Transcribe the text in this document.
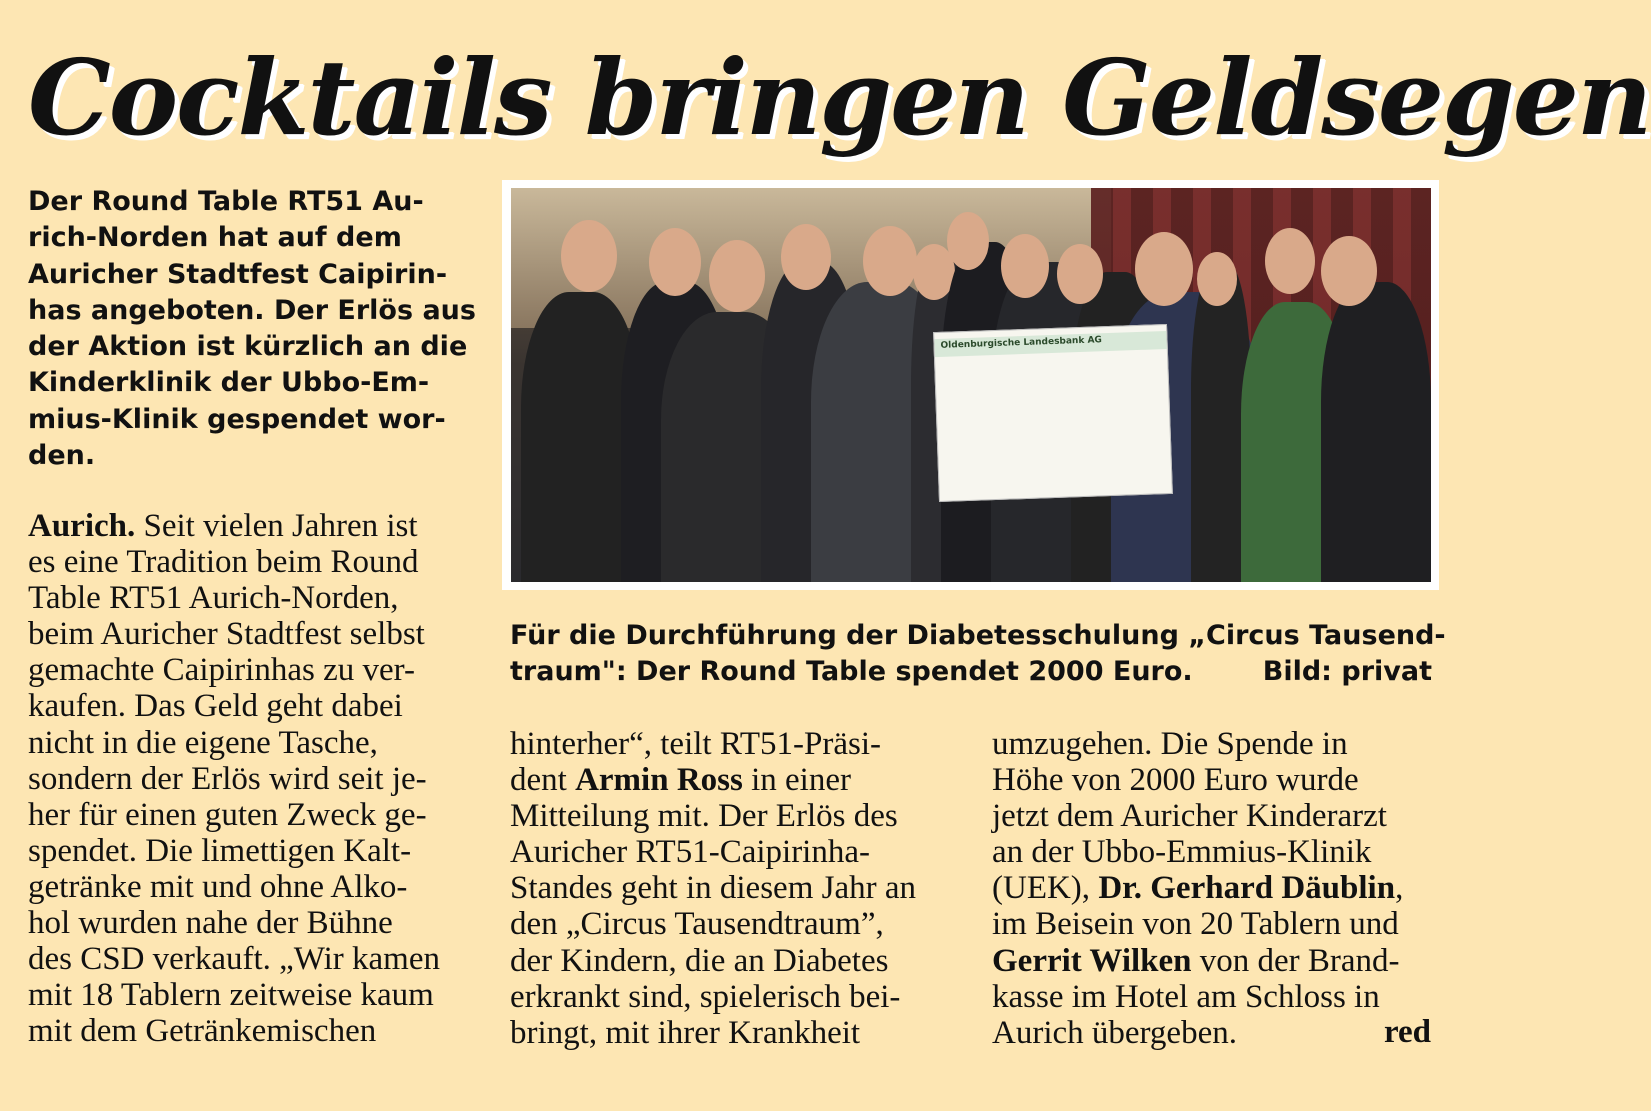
Cocktails bringen Geldsegen

Der Round Table RT51 Au-
rich-Norden hat auf dem
Auricher Stadtfest Caipirin-
has angeboten. Der Erlös aus
der Aktion ist kürzlich an die
Kinderklinik der Ubbo-Em-
mius-Klinik gespendet wor-
den.

Aurich. Seit vielen Jahren ist
es eine Tradition beim Round
Table RT51 Aurich-Norden,
beim Auricher Stadtfest selbst
gemachte Caipirinhas zu ver-
kaufen. Das Geld geht dabei
nicht in die eigene Tasche,
sondern der Erlös wird seit je-
her für einen guten Zweck ge-
spendet. Die limettigen Kalt-
getränke mit und ohne Alko-
hol wurden nahe der Bühne
des CSD verkauft. „Wir kamen
mit 18 Tablern zeitweise kaum
mit dem Getränkemischen

Oldenburgische Landesbank AG

Für die Durchführung der Diabetesschulung „Circus Tausend-
traum": Der Round Table spendet 2000 Euro.	Bild: privat

hinterher“, teilt RT51-Präsi-
dent Armin Ross in einer
Mitteilung mit. Der Erlös des
Auricher RT51-Caipirinha-
Standes geht in diesem Jahr an
den „Circus Tausendtraum”,
der Kindern, die an Diabetes
erkrankt sind, spielerisch bei-
bringt, mit ihrer Krankheit

umzugehen. Die Spende in
Höhe von 2000 Euro wurde
jetzt dem Auricher Kinderarzt
an der Ubbo-Emmius-Klinik
(UEK), Dr. Gerhard Däublin,
im Beisein von 20 Tablern und
Gerrit Wilken von der Brand-
kasse im Hotel am Schloss in
Aurich übergeben.	red
